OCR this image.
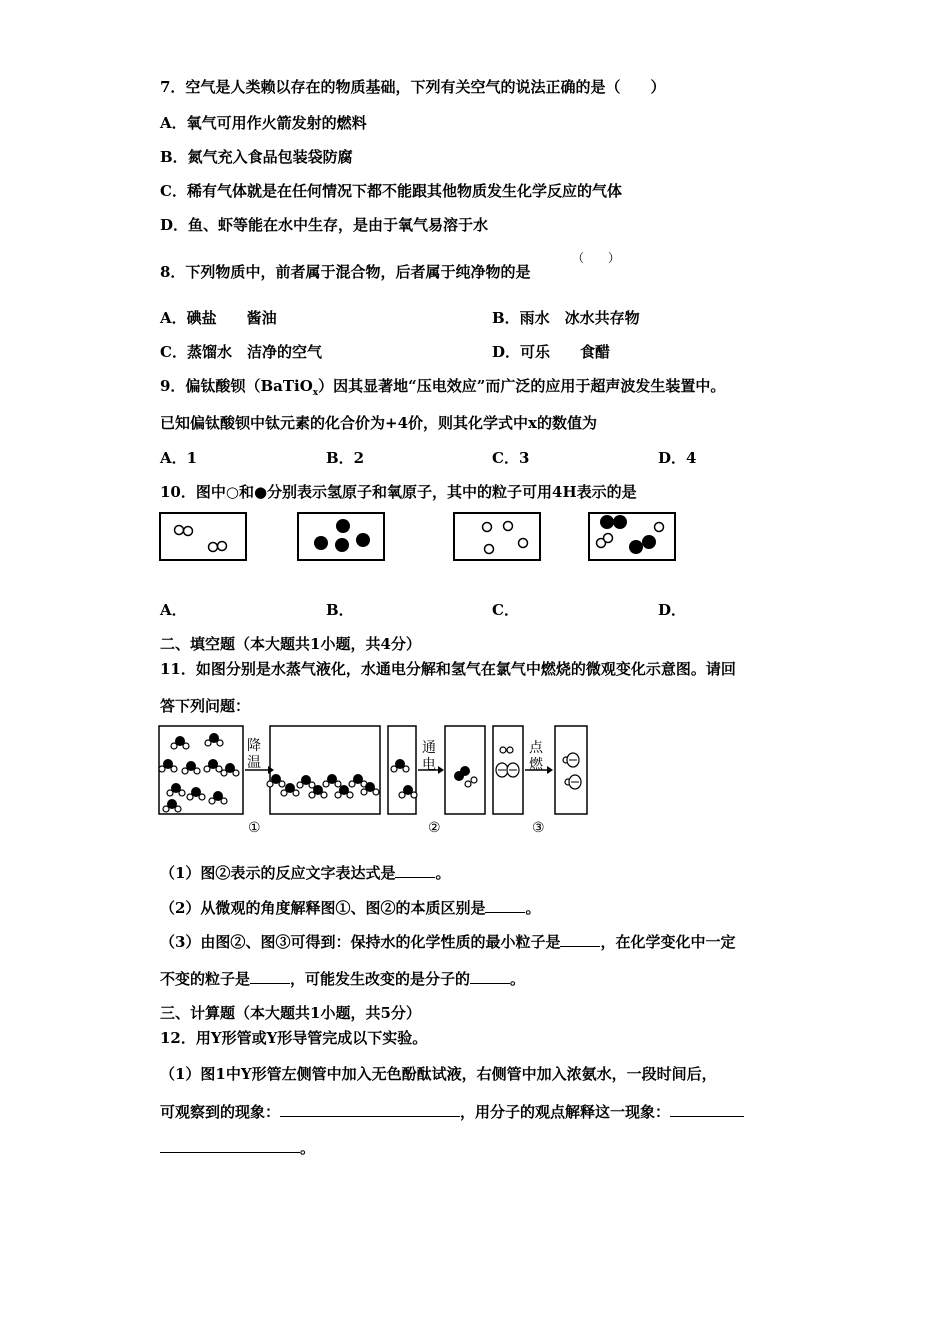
7．空气是人类赖以存在的物质基础，下列有关空气的说法正确的是（　　）
A．氧气可用作火箭发射的燃料
B．氮气充入食品包装袋防腐
C．稀有气体就是在任何情况下都不能跟其他物质发生化学反应的气体
D．鱼、虾等能在水中生存，是由于氧气易溶于水
8．下列物质中，前者属于混合物，后者属于纯净物的是
（　　）
A．碘盐　　酱油	B．雨水　冰水共存物
C．蒸馏水　洁净的空气	D．可乐　　食醋
9．偏钛酸钡（BaTiO$_x$）因其显著地“压电效应”而广泛的应用于超声波发生装置中。
已知偏钛酸钡中钛元素的化合价为+4价，则其化学式中x的数值为
A．1	B．2	C．3	D．4
10．图中○和●分别表示氢原子和氧原子，其中的粒子可用4H表示的是
A．	B．	C．	D．
二、填空题（本大题共1小题，共4分）
11．如图分别是水蒸气液化，水通电分解和氢气在氯气中燃烧的微观变化示意图。请回
答下列问题：
降
温
通
电
点
燃
①	②	③
（1）图②表示的反应文字表达式是	。
（2）从微观的角度解释图①、图②的本质区别是	。
（3）由图②、图③可得到：保持水的化学性质的最小粒子是	，在化学变化中一定
不变的粒子是	，可能发生改变的是分子的	。
三、计算题（本大题共1小题，共5分）
12．用Y形管或Y形导管完成以下实验。
（1）图1中Y形管左侧管中加入无色酚酞试液，右侧管中加入浓氨水，一段时间后，
可观察到的现象：	，用分子的观点解释这一现象：
。
